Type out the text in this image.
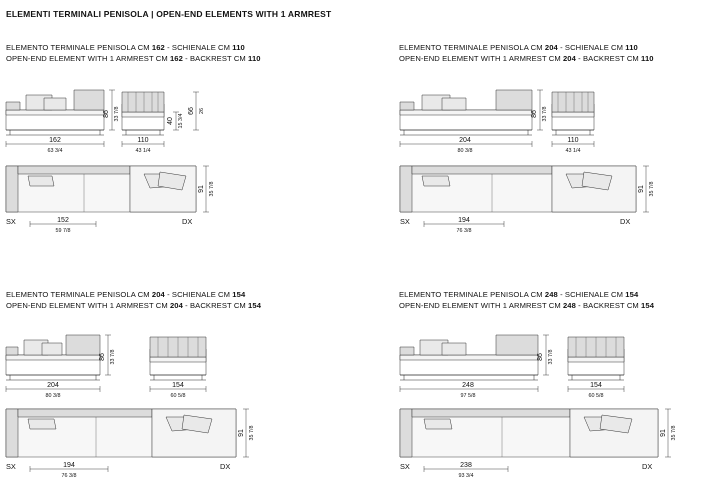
ELEMENTI TERMINALI PENISOLA | OPEN-END ELEMENTS WITH 1 ARMREST
ELEMENTO TERMINALE PENISOLA CM 162 - SCHIENALE CM 110
OPEN-END ELEMENT WITH 1 ARMREST CM 162 - BACKREST CM 110
86 33 7/8
162
63 3/4
110
43 1/4
40 15 3/4
66 26
91 35 7/8
152
59 7/8
SX	DX
ELEMENTO TERMINALE PENISOLA CM 204 - SCHIENALE CM 110
OPEN-END ELEMENT WITH 1 ARMREST CM 204 - BACKREST CM 110
86 33 7/8
204
80 3/8
110
43 1/4
91 35 7/8
194
76 3/8
SX	DX
ELEMENTO TERMINALE PENISOLA CM 204 - SCHIENALE CM 154
OPEN-END ELEMENT WITH 1 ARMREST CM 204 - BACKREST CM 154
86 33 7/8
204
80 3/8
154
60 5/8
91 35 7/8
194
76 3/8
SX	DX
ELEMENTO TERMINALE PENISOLA CM 248 - SCHIENALE CM 154
OPEN-END ELEMENT WITH 1 ARMREST CM 248 - BACKREST CM 154
86 33 7/8
248
97 5/8
154
60 5/8
91 35 7/8
238
93 3/4
SX	DX
